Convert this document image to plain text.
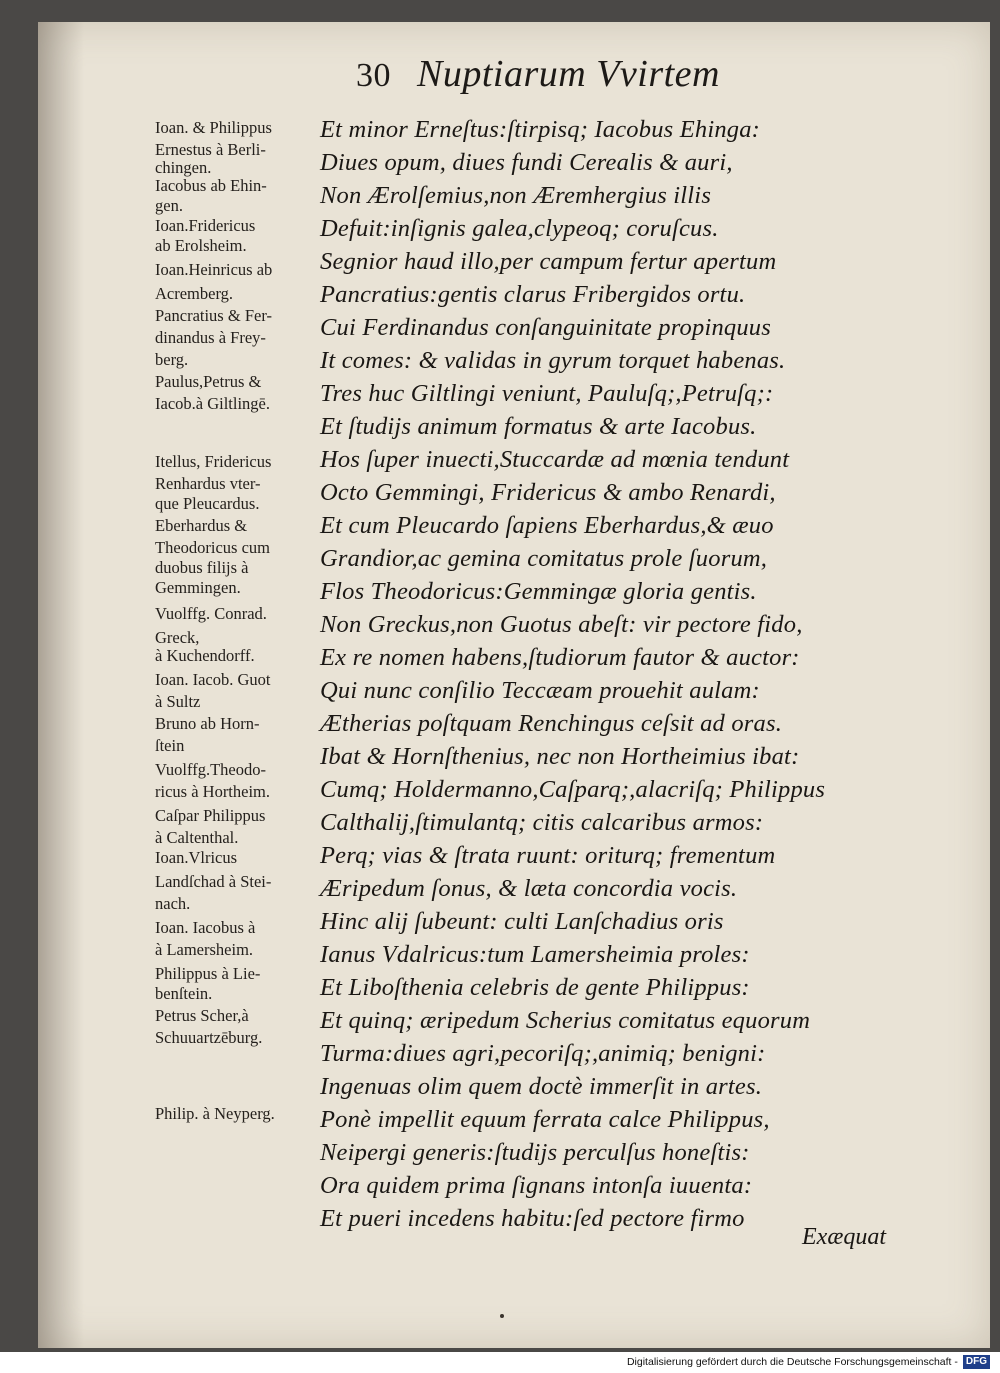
30 Nuptiarum Vvirtem
Ioan. & Philippus
Ernestus à Berli-
chingen.
Iacobus ab Ehin-
gen.
Ioan.Fridericus
ab Erolsheim.
Ioan.Heinricus ab
Acremberg.
Pancratius & Fer-
dinandus à Frey-
berg.
Paulus,Petrus &
Iacob.à Giltlingē.
Itellus, Fridericus
Renhardus vter-
que Pleucardus.
Eberhardus &
Theodoricus cum
duobus filijs à
Gemmingen.
Vuolffg. Conrad.
Greck,
à Kuchendorff.
Ioan. Iacob. Guot
à Sultz
Bruno ab Horn-
ſtein
Vuolffg.Theodo-
ricus à Hortheim.
Caſpar Philippus
à Caltenthal.
Ioan.Vlricus
Landſchad à Stei-
nach.
Ioan. Iacobus à
à Lamersheim.
Philippus à Lie-
benſtein.
Petrus Scher,à
Schuuartzēburg.
Philip. à Neyperg.
Et minor Erneſtus:ſtirpisq; Iacobus Ehinga:
Diues opum, diues fundi Cerealis & auri,
Non Ærolſemius,non Æremhergius illis
Defuit:inſignis galea,clypeoq; coruſcus.
Segnior haud illo,per campum fertur apertum
Pancratius:gentis clarus Fribergidos ortu.
Cui Ferdinandus conſanguinitate propinquus
It comes: & validas in gyrum torquet habenas.
Tres huc Giltlingi veniunt, Pauluſq;,Petruſq;:
Et ſtudijs animum formatus & arte Iacobus.
Hos ſuper inuecti,Stuccardæ ad mœnia tendunt
Octo Gemmingi, Fridericus & ambo Renardi,
Et cum Pleucardo ſapiens Eberhardus,& æuo
Grandior,ac gemina comitatus prole ſuorum,
Flos Theodoricus:Gemmingæ gloria gentis.
Non Greckus,non Guotus abeſt: vir pectore fido,
Ex re nomen habens,ſtudiorum fautor & auctor:
Qui nunc conſilio Teccæam prouehit aulam:
Ætherias poſtquam Renchingus ceſsit ad oras.
Ibat & Hornſthenius, nec non Hortheimius ibat:
Cumq; Holdermanno,Caſparq;,alacriſq; Philippus
Calthalij,ſtimulantq; citis calcaribus armos:
Perq; vias & ſtrata ruunt: oriturq; frementum
Æripedum ſonus, & læta concordia vocis.
Hinc alij ſubeunt: culti Lanſchadius oris
Ianus Vdalricus:tum Lamersheimia proles:
Et Liboſthenia celebris de gente Philippus:
Et quinq; æripedum Scherius comitatus equorum
Turma:diues agri,pecoriſq;,animiq; benigni:
Ingenuas olim quem doctè immerſit in artes.
Ponè impellit equum ferrata calce Philippus,
Neipergi generis:ſtudijs perculſus honeſtis:
Ora quidem prima ſignans intonſa iuuenta:
Et pueri incedens habitu:ſed pectore firmo
Exæquat
Digitalisierung gefördert durch die Deutsche Forschungsgemeinschaft - DFG
